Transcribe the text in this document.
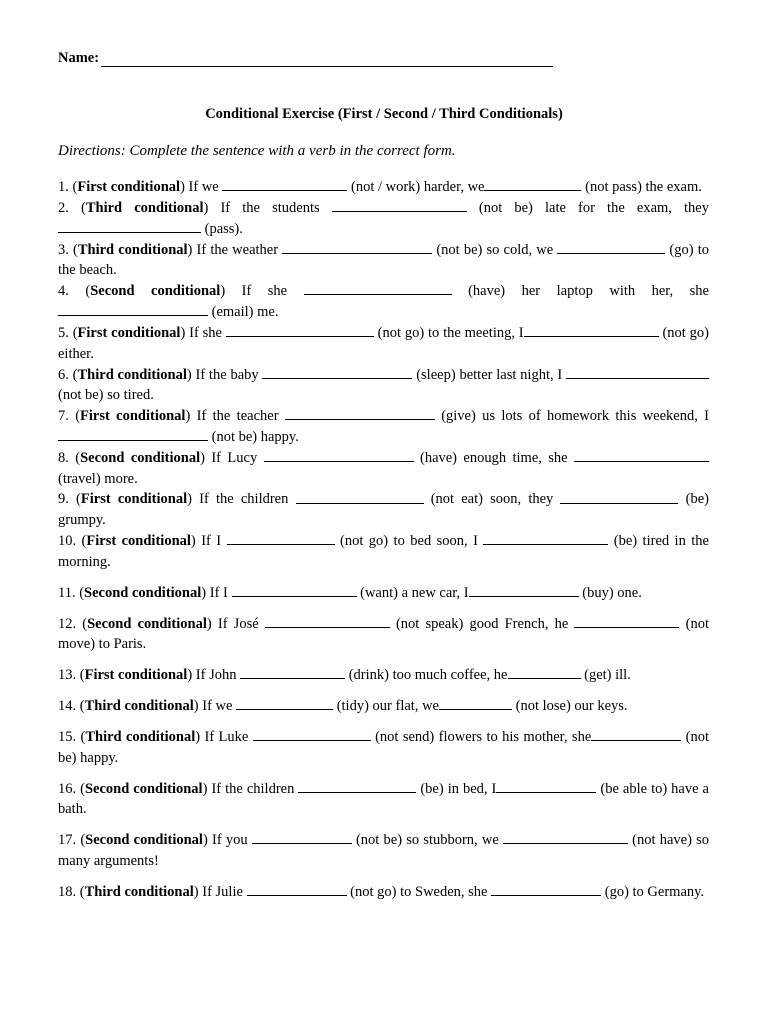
Name:
Conditional Exercise (First / Second / Third Conditionals)
Directions: Complete the sentence with a verb in the correct form.
1. (First conditional) If we	(not / work) harder, we	(not pass) the exam.
2. (Third conditional) If the students	(not be) late for the exam, they (pass).
3. (Third conditional) If the weather	(not be) so cold, we	(go) to the beach.
4. (Second conditional) If she	(have) her laptop with her, she  (email) me.
5. (First conditional) If she	(not go) to the meeting, I	(not go) either.
6. (Third conditional) If the baby	(sleep) better last night, I  (not be) so tired.
7. (First conditional) If the teacher	(give) us lots of homework this weekend, I  (not be) happy.
8. (Second conditional) If Lucy	(have) enough time, she  (travel) more.
9. (First conditional) If the children	(not eat) soon, they	(be) grumpy.
10. (First conditional) If I	(not go) to bed soon, I	(be) tired in the morning.
11. (Second conditional) If I	(want) a new car, I	(buy) one.
12. (Second conditional) If José	(not speak) good French, he	(not move) to Paris.
13. (First conditional) If John	(drink) too much coffee, he	(get) ill.
14. (Third conditional) If we	(tidy) our flat, we	(not lose) our keys.
15. (Third conditional) If Luke	(not send) flowers to his mother, she	(not be) happy.
16. (Second conditional) If the children	(be) in bed, I	(be able to) have a bath.
17. (Second conditional) If you	(not be) so stubborn, we	(not have) so many arguments!
18. (Third conditional) If Julie	(not go) to Sweden, she	(go) to Germany.
